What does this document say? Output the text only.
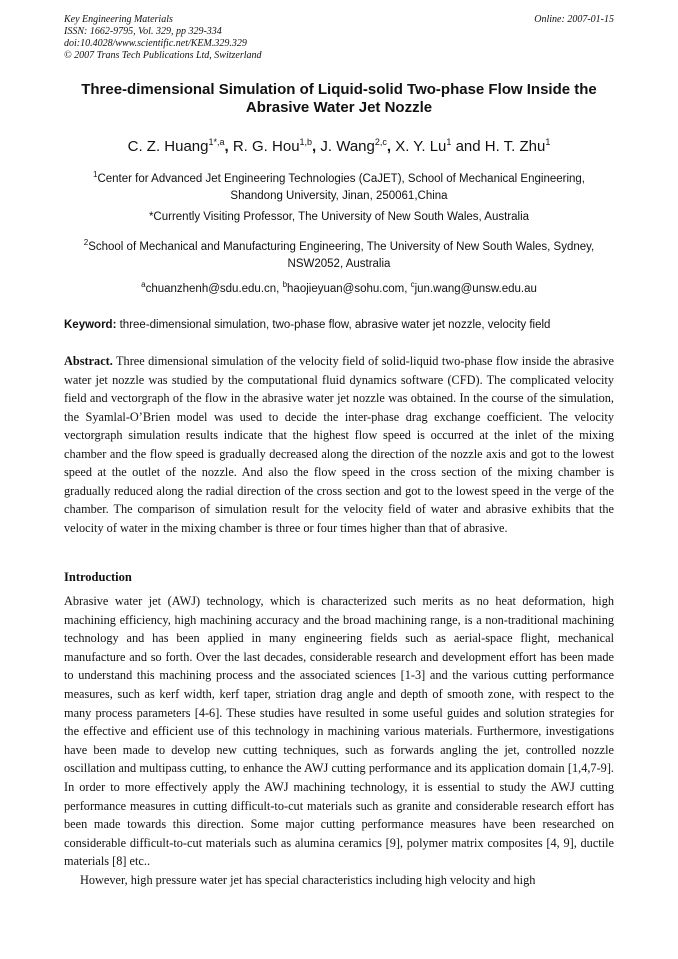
Key Engineering Materials
ISSN: 1662-9795, Vol. 329, pp 329-334
doi:10.4028/www.scientific.net/KEM.329.329
© 2007 Trans Tech Publications Ltd, Switzerland
Online: 2007-01-15
Three-dimensional Simulation of Liquid-solid Two-phase Flow Inside the
Abrasive Water Jet Nozzle
C. Z. Huang$^{1*,a}$, R. G. Hou$^{1,b}$, J. Wang$^{2,c}$, X. Y. Lu$^1$ and H. T. Zhu$^1$
$^1$Center for Advanced Jet Engineering Technologies (CaJET), School of Mechanical Engineering,
Shandong University, Jinan, 250061,China
*Currently Visiting Professor, The University of New South Wales, Australia
$^2$School of Mechanical and Manufacturing Engineering, The University of New South Wales, Sydney,
NSW2052, Australia
$^a$chuanzhenh@sdu.edu.cn, $^b$haojieyuan@sohu.com, $^c$jun.wang@unsw.edu.au
Keyword: three-dimensional simulation, two-phase flow, abrasive water jet nozzle, velocity field
Abstract. Three dimensional simulation of the velocity field of solid-liquid two-phase flow inside the abrasive water jet nozzle was studied by the computational fluid dynamics software (CFD). The complicated velocity field and vectorgraph of the flow in the abrasive water jet nozzle was obtained. In the course of the simulation, the Syamlal-O’Brien model was used to decide the inter-phase drag exchange coefficient. The velocity vectorgraph simulation results indicate that the highest flow speed is occurred at the inlet of the mixing chamber and the flow speed is gradually decreased along the direction of the nozzle axis and got to the lowest speed at the outlet of the nozzle. And also the flow speed in the cross section of the mixing chamber is gradually reduced along the radial direction of the cross section and got to the lowest speed in the verge of the chamber. The comparison of simulation result for the velocity field of water and abrasive exhibits that the velocity of water in the mixing chamber is three or four times higher than that of abrasive.
Introduction

Abrasive water jet (AWJ) technology, which is characterized such merits as no heat deformation, high machining efficiency, high machining accuracy and the broad machining range, is a non-traditional machining technology and has been applied in many engineering fields such as aerial-space flight, mechanical manufacture and so forth. Over the last decades, considerable research and development effort has been made to understand this machining process and the associated sciences [1-3] and the various cutting performance measures, such as kerf width, kerf taper, striation drag angle and depth of smooth zone, with respect to the many process parameters [4-6]. These studies have resulted in some useful guides and solution strategies for the effective and efficient use of this technology in machining various materials. Furthermore, investigations have been made to develop new cutting techniques, such as forwards angling the jet, controlled nozzle oscillation and multipass cutting, to enhance the AWJ cutting performance and its application domain [1,4,7-9]. In order to more effectively apply the AWJ machining technology, it is essential to study the AWJ cutting performance measures in cutting difficult-to-cut materials such as granite and considerable research effort has been made towards this direction. Some major cutting performance measures have been researched on considerable difficult-to-cut materials such as alumina ceramics [9], polymer matrix composites [4, 9], ductile materials [8] etc..

However, high pressure water jet has special characteristics including high velocity and high
